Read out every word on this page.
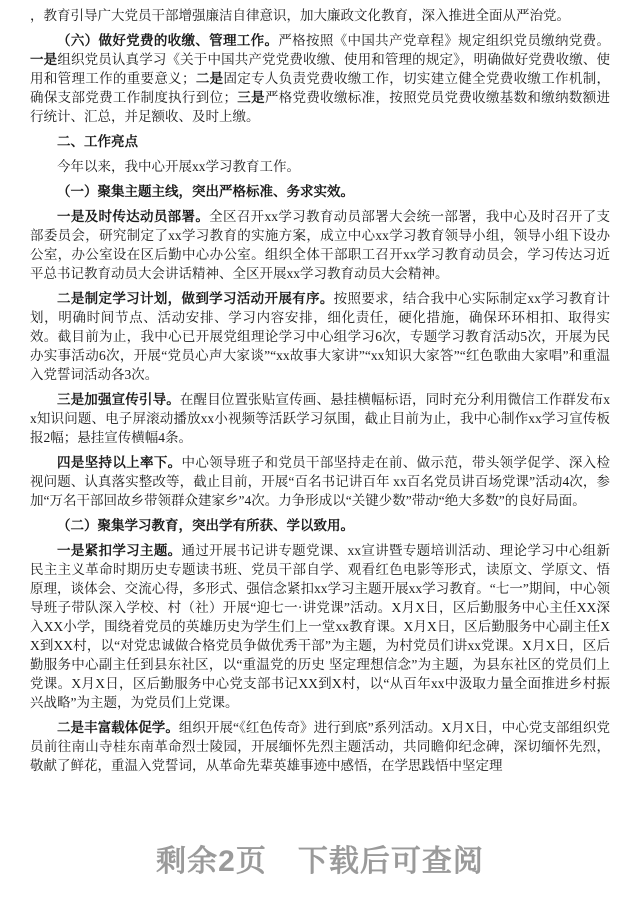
，教育引导广大党员干部增强廉洁自律意识，加大廉政文化教育，深入推进全面从严治党。

（六）做好党费的收缴、管理工作。严格按照《中国共产党章程》规定组织党员缴纳党费。一是组织党员认真学习《关于中国共产党党费收缴、使用和管理的规定》，明确做好党费收缴、使用和管理工作的重要意义；二是固定专人负责党费收缴工作，切实建立健全党费收缴工作机制，确保支部党费工作制度执行到位；三是严格党费收缴标准，按照党员党费收缴基数和缴纳数额进行统计、汇总，并足额收、及时上缴。

二、工作亮点

今年以来，我中心开展xx学习教育工作。

（一）聚集主题主线，突出严格标准、务求实效。

一是及时传达动员部署。全区召开xx学习教育动员部署大会统一部署，我中心及时召开了支部委员会，研究制定了xx学习教育的实施方案，成立中心xx学习教育领导小组，领导小组下设办公室，办公室设在区后勤中心办公室。组织全体干部职工召开xx学习教育动员会，学习传达习近平总书记教育动员大会讲话精神、全区开展xx学习教育动员大会精神。

二是制定学习计划，做到学习活动开展有序。按照要求，结合我中心实际制定xx学习教育计划，明确时间节点、活动安排、学习内容安排，细化责任，硬化措施，确保环环相扣、取得实效。截目前为止，我中心已开展党组理论学习中心组学习6次，专题学习教育活动5次，开展为民办实事活动6次，开展“党员心声大家谈”“xx故事大家讲”“xx知识大家答”“红色歌曲大家唱”和重温入党誓词活动各3次。

三是加强宣传引导。在醒目位置张贴宣传画、悬挂横幅标语，同时充分利用微信工作群发布xx知识问题、电子屏滚动播放xx小视频等活跃学习氛围，截止目前为止，我中心制作xx学习宣传板报2幅；悬挂宣传横幅4条。

四是坚持以上率下。中心领导班子和党员干部坚持走在前、做示范，带头领学促学、深入检视问题、认真落实整改等，截止目前，开展“百名书记讲百年 xx百名党员讲百场党课”活动4次，参加“万名干部回故乡带领群众建家乡”4次。力争形成以“关键少数”带动“绝大多数”的良好局面。

（二）聚集学习教育，突出学有所获、学以致用。

一是紧扣学习主题。通过开展书记讲专题党课、xx宣讲暨专题培训活动、理论学习中心组新民主主义革命时期历史专题读书班、党员干部自学、观看红色电影等形式，读原文、学原文、悟原理，谈体会、交流心得，多形式、强信念紧扣xx学习主题开展xx学习教育。“七一”期间，中心领导班子带队深入学校、村（社）开展“迎七一·讲党课”活动。X月X日，区后勤服务中心主任XX深入XX小学，围绕着党员的英雄历史为学生们上一堂xx教育课。X月X日，区后勤服务中心副主任XX到XX村，以“对党忠诚做合格党员争做优秀干部”为主题，为村党员们讲xx党课。X月X日，区后勤服务中心副主任到县东社区，以“重温党的历史 坚定理想信念”为主题，为县东社区的党员们上党课。X月X日，区后勤服务中心党支部书记XX到X村，以“从百年xx中汲取力量全面推进乡村振兴战略”为主题，为党员们上党课。

二是丰富载体促学。组织开展“《红色传奇》进行到底”系列活动。X月X日，中心党支部组织党员前往南山寺桂东南革命烈士陵园，开展缅怀先烈主题活动，共同瞻仰纪念碑，深切缅怀先烈，敬献了鲜花，重温入党誓词，从革命先辈英雄事迹中感悟，在学思践悟中坚定理

剩余2页　下载后可查阅
